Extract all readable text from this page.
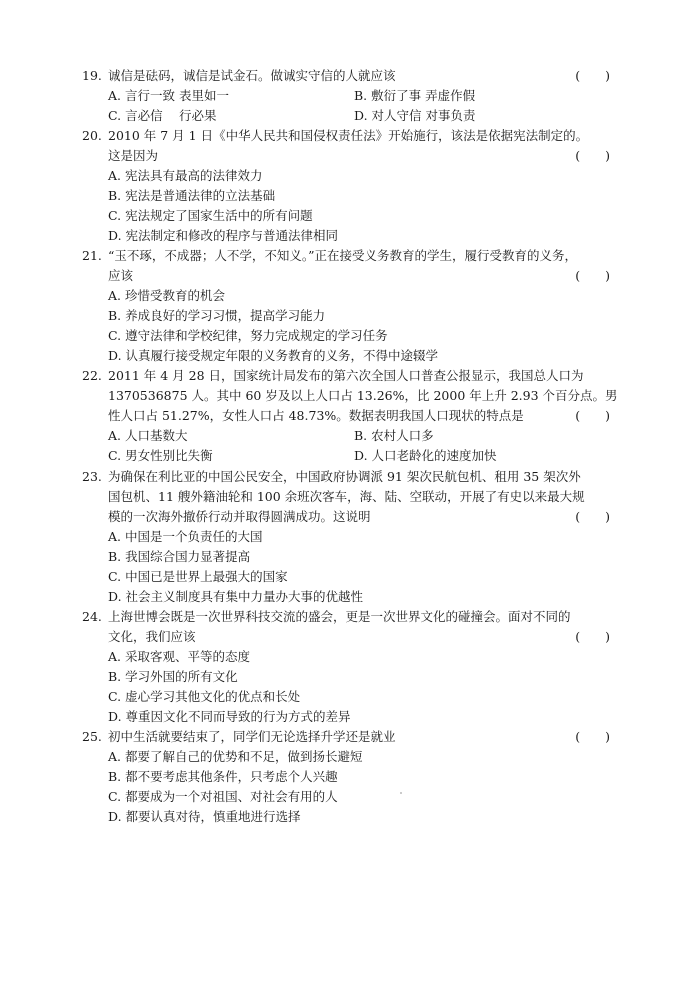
19. 诚信是砝码，诚信是试金石。做诚实守信的人就应该	(　　)
A. 言行一致 表里如一	B. 敷衍了事 弄虚作假
C. 言必信　 行必果	D. 对人守信 对事负责
20. 2010 年 7 月 1 日《中华人民共和国侵权责任法》开始施行，该法是依据宪法制定的。
这是因为	(　　)
A. 宪法具有最高的法律效力
B. 宪法是普通法律的立法基础
C. 宪法规定了国家生活中的所有问题
D. 宪法制定和修改的程序与普通法律相同
21. “玉不琢，不成器；人不学，不知义。”正在接受义务教育的学生，履行受教育的义务，
应该	(　　)
A. 珍惜受教育的机会
B. 养成良好的学习习惯，提高学习能力
C. 遵守法律和学校纪律，努力完成规定的学习任务
D. 认真履行接受规定年限的义务教育的义务，不得中途辍学
22. 2011 年 4 月 28 日，国家统计局发布的第六次全国人口普查公报显示，我国总人口为
1370536875 人。其中 60 岁及以上人口占 13.26%，比 2000 年上升 2.93 个百分点。男
性人口占 51.27%，女性人口占 48.73%。数据表明我国人口现状的特点是	(　　)
A. 人口基数大	B. 农村人口多
C. 男女性别比失衡	D. 人口老龄化的速度加快
23. 为确保在利比亚的中国公民安全，中国政府协调派 91 架次民航包机、租用 35 架次外
国包机、11 艘外籍油轮和 100 余班次客车，海、陆、空联动，开展了有史以来最大规
模的一次海外撤侨行动并取得圆满成功。这说明	(　　)
A. 中国是一个负责任的大国
B. 我国综合国力显著提高
C. 中国已是世界上最强大的国家
D. 社会主义制度具有集中力量办大事的优越性
24. 上海世博会既是一次世界科技交流的盛会，更是一次世界文化的碰撞会。面对不同的
文化，我们应该	(　　)
A. 采取客观、平等的态度
B. 学习外国的所有文化
C. 虚心学习其他文化的优点和长处
D. 尊重因文化不同而导致的行为方式的差异
25. 初中生活就要结束了，同学们无论选择升学还是就业	(　　)
A. 都要了解自己的优势和不足，做到扬长避短
B. 都不要考虑其他条件，只考虑个人兴趣
C. 都要成为一个对祖国、对社会有用的人
D. 都要认真对待，慎重地进行选择
